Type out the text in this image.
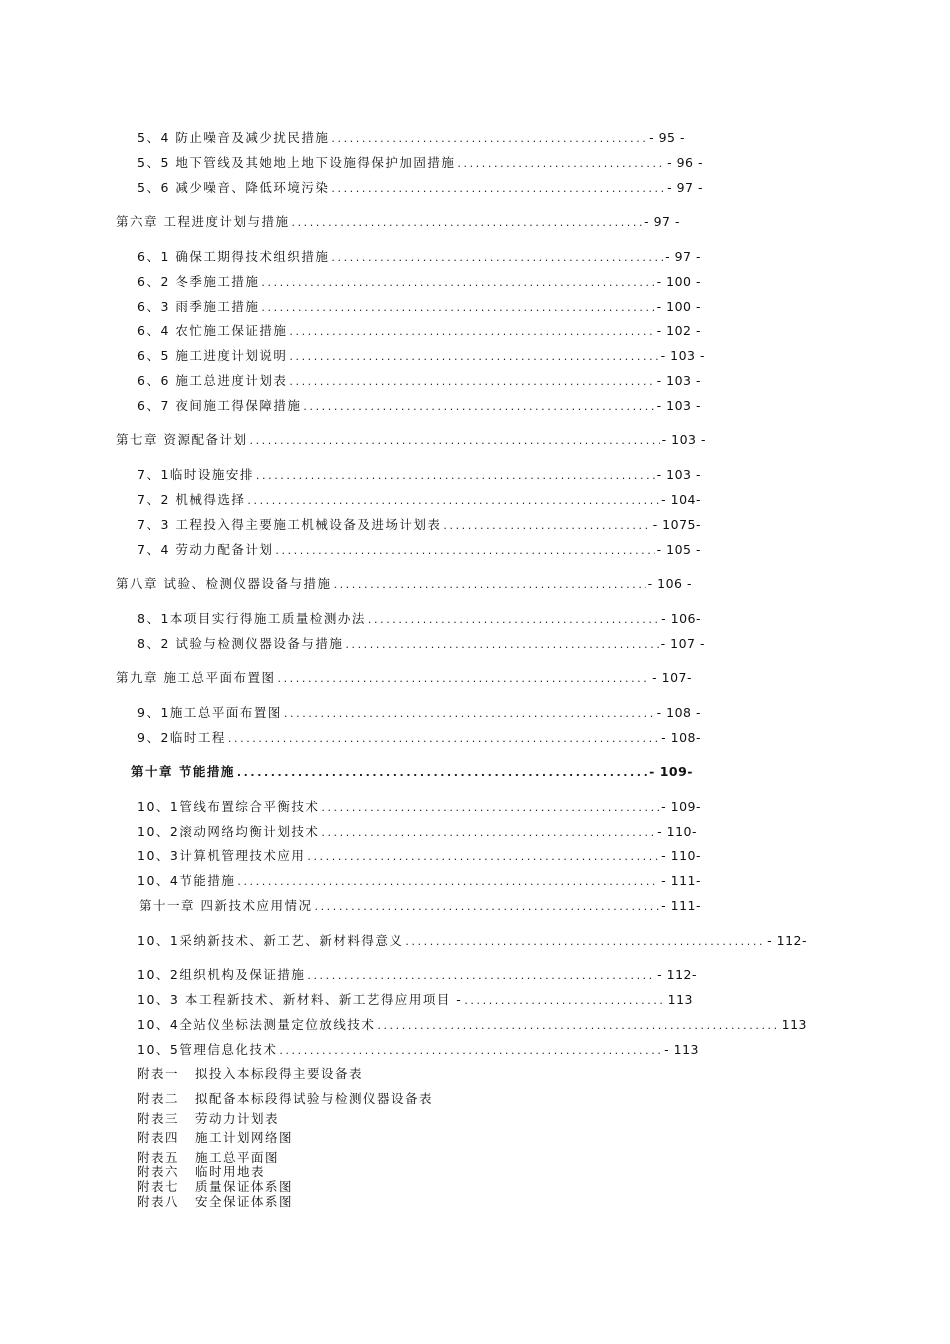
5、4 防止噪音及减少扰民措施 .....	- 95 -
5、5 地下管线及其她地上地下设施得保护加固措施 .....	- 96 -
5、6 减少噪音、降低环境污染 .....	- 97 -
第六章 工程进度计划与措施 .....	- 97 -
6、1 确保工期得技术组织措施 .....	- 97 -
6、2 冬季施工措施 .....	- 100 -
6、3 雨季施工措施 .....	- 100 -
6、4 农忙施工保证措施 .....	- 102 -
6、5 施工进度计划说明 .....	- 103 -
6、6 施工总进度计划表 .....	- 103 -
6、7 夜间施工得保障措施 .....	- 103 -
第七章 资源配备计划 .....	- 103 -
7、1临时设施安排 .....	- 103 -
7、2 机械得选择 .....	- 104-
7、3 工程投入得主要施工机械设备及进场计划表 .....	- 1075-
7、4 劳动力配备计划 .....	- 105 -
第八章 试验、检测仪器设备与措施 .....	- 106 -
8、1本项目实行得施工质量检测办法 .....	- 106-
8、2 试验与检测仪器设备与措施 .....	- 107 -
第九章 施工总平面布置图 .....	- 107-
9、1施工总平面布置图 .....	- 108 -
9、2临时工程 .....	- 108-
第十章 节能措施 .....	- 109-
10、1管线布置综合平衡技术 .....	- 109-
10、2滚动网络均衡计划技术 .....	- 110-
10、3计算机管理技术应用 .....	- 110-
10、4节能措施 .....	- 111-
第十一章 四新技术应用情况 .....	- 111-
10、1采纳新技术、新工艺、新材料得意义 .....	- 112-
10、2组织机构及保证措施 .....	- 112-
10、3 本工程新技术、新材料、新工艺得应用项目 - .....	113
10、4全站仪坐标法测量定位放线技术 .....	113
10、5管理信息化技术 .....	- 113
附表一 拟投入本标段得主要设备表
附表二 拟配备本标段得试验与检测仪器设备表
附表三 劳动力计划表
附表四 施工计划网络图
附表五 施工总平面图
附表六 临时用地表
附表七 质量保证体系图
附表八 安全保证体系图
